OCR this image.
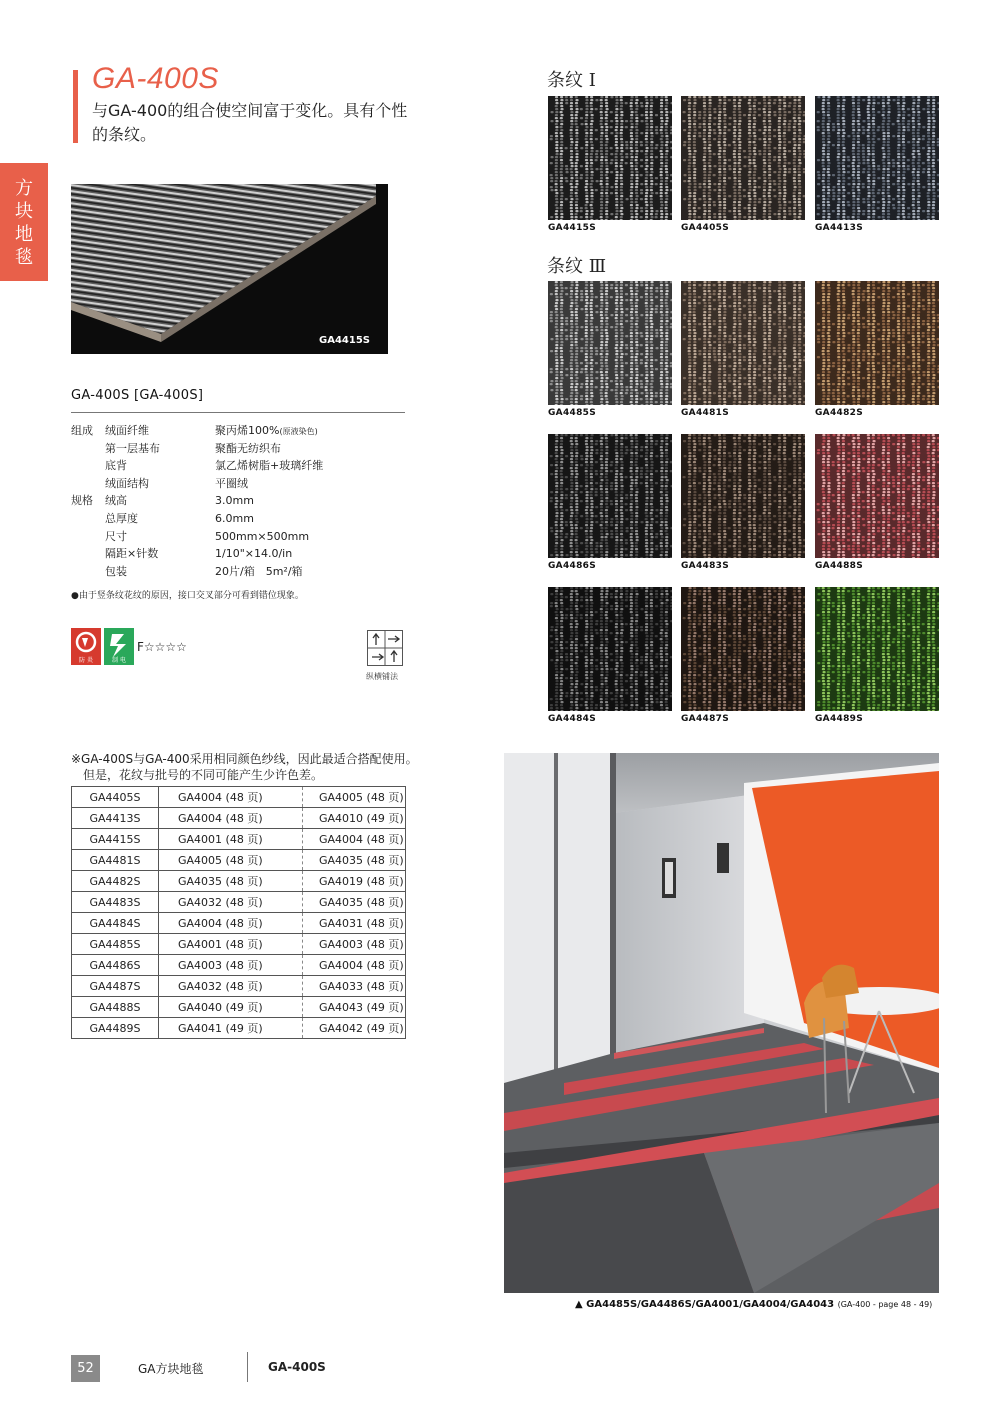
方
块
地
毯
GA-400S
与GA-400的组合使空间富于变化。具有个性的条纹。
GA4415S
GA-400S [GA-400S]
组成	绒面纤维	聚丙烯100%(原液染色)
第一层基布	聚酯无纺织布
底背	氯乙烯树脂+玻璃纤维
绒面结构	平圈绒
规格	绒高	3.0mm
总厚度	6.0mm
尺寸	500mm×500mm
隔距×针数	1/10"×14.0/in
包装	20片/箱　5m²/箱
●由于竖条纹花纹的原因，接口交叉部分可看到错位现象。
防 炎	制 电
F☆☆☆☆
纵横铺法
※GA-400S与GA-400采用相同颜色纱线，因此最适合搭配使用。
　但是，花纹与批号的不同可能产生少许色差。
GA4405S	GA4004 (48 页)	GA4005 (48 页)
GA4413S	GA4004 (48 页)	GA4010 (49 页)
GA4415S	GA4001 (48 页)	GA4004 (48 页)
GA4481S	GA4005 (48 页)	GA4035 (48 页)
GA4482S	GA4035 (48 页)	GA4019 (48 页)
GA4483S	GA4032 (48 页)	GA4035 (48 页)
GA4484S	GA4004 (48 页)	GA4031 (48 页)
GA4485S	GA4001 (48 页)	GA4003 (48 页)
GA4486S	GA4003 (48 页)	GA4004 (48 页)
GA4487S	GA4032 (48 页)	GA4033 (48 页)
GA4488S	GA4040 (49 页)	GA4043 (49 页)
GA4489S	GA4041 (49 页)	GA4042 (49 页)
条纹 I
GA4415S	GA4405S	GA4413S
条纹 Ⅲ
GA4485S	GA4481S	GA4482S
GA4486S	GA4483S	GA4488S
GA4484S	GA4487S	GA4489S
▲ GA4485S/GA4486S/GA4001/GA4004/GA4043 (GA-400 - page 48 - 49)
52	GA方块地毯	GA-400S
